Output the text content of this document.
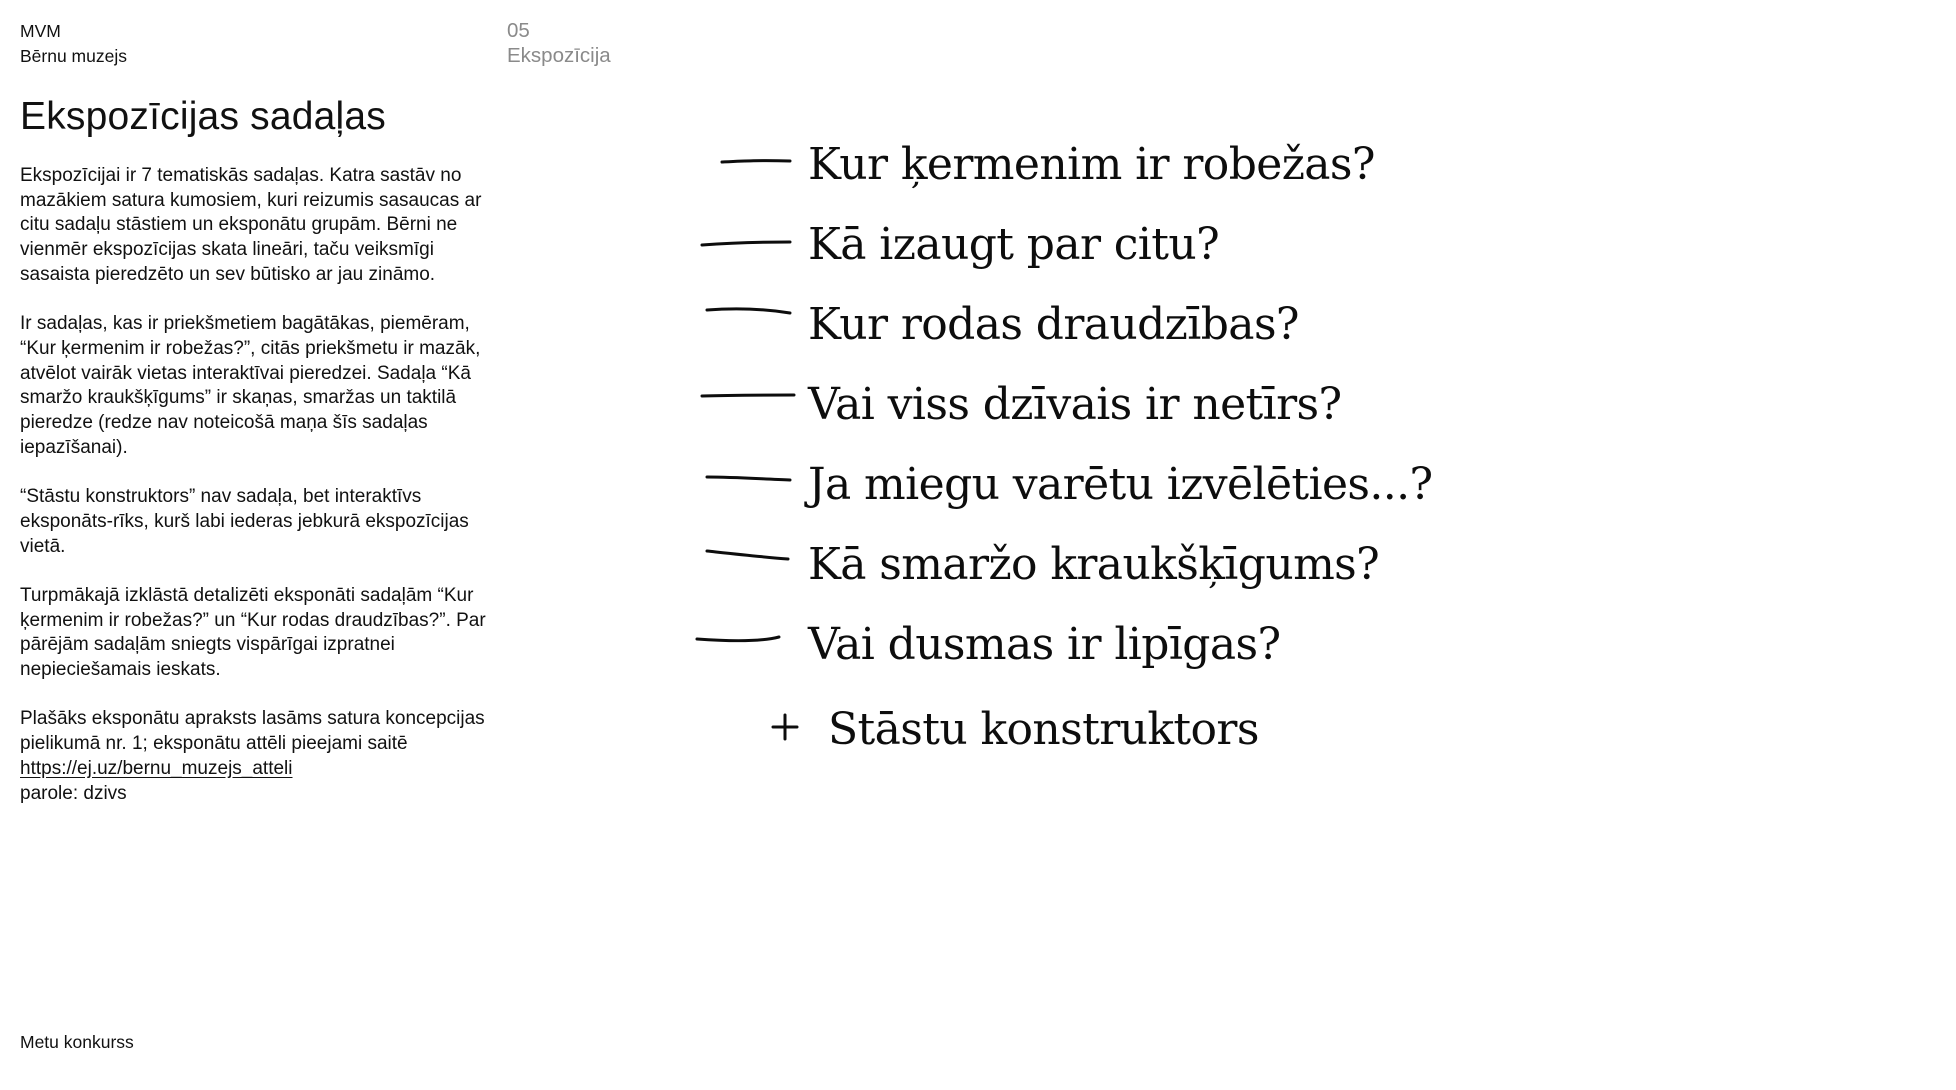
MVM
Bērnu muzejs
05
Ekspozīcija
Ekspozīcijas sadaļas

Ekspozīcijai ir 7 tematiskās sadaļas. Katra sastāv no mazākiem satura kumosiem, kuri reizumis sasaucas ar citu sadaļu stāstiem un eksponātu grupām. Bērni ne vienmēr ekspozīcijas skata lineāri, taču veiksmīgi sasaista pieredzēto un sev būtisko ar jau zināmo.

Ir sadaļas, kas ir priekšmetiem bagātākas, piemēram, “Kur ķermenim ir robežas?”, citās priekšmetu ir mazāk, atvēlot vairāk vietas interaktīvai pieredzei. Sadaļa “Kā smaržo kraukšķīgums” ir skaņas, smaržas un taktilā pieredze (redze nav noteicošā maņa šīs sadaļas iepazīšanai).

“Stāstu konstruktors” nav sadaļa, bet interaktīvs eksponāts-rīks, kurš labi iederas jebkurā ekspozīcijas vietā.

Turpmākajā izklāstā detalizēti eksponāti sadaļām “Kur ķermenim ir robežas?” un “Kur rodas draudzības?”. Par pārējām sadaļām sniegts vispārīgai izpratnei nepieciešamais ieskats.

Plašāks eksponātu apraksts lasāms satura koncepcijas pielikumā nr. 1; eksponātu attēli pieejami saitē https://ej.uz/bernu_muzejs_atteli
parole: dzivs

Kur ķermenim ir robežas?
Kā izaugt par citu?
Kur rodas draudzības?
Vai viss dzīvais ir netīrs?
Ja miegu varētu izvēlēties...?
Kā smaržo kraukšķīgums?
Vai dusmas ir lipīgas?
Stāstu konstruktors
Metu konkurss
